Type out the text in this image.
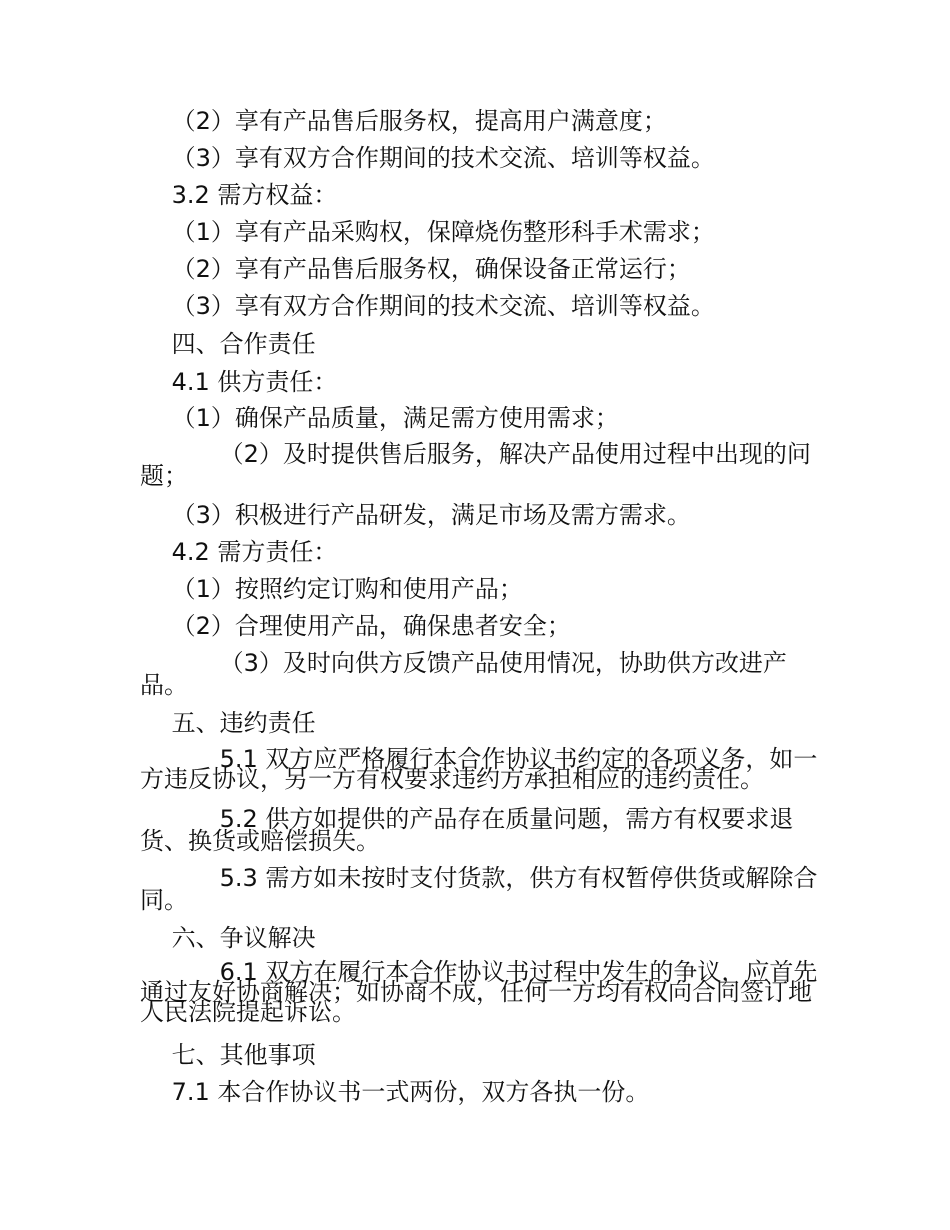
　 （2）享有产品售后服务权，提高用户满意度；
　 （3）享有双方合作期间的技术交流、培训等权益。
　 3.2 需方权益：
　 （1）享有产品采购权，保障烧伤整形科手术需求；
　 （2）享有产品售后服务权，确保设备正常运行；
　 （3）享有双方合作期间的技术交流、培训等权益。
　 四、合作责任
　 4.1 供方责任：
　 （1）确保产品质量，满足需方使用需求；
　 （2）及时提供售后服务，解决产品使用过程中出现的问题；
　 （3）积极进行产品研发，满足市场及需方需求。
　 4.2 需方责任：
　 （1）按照约定订购和使用产品；
　 （2）合理使用产品，确保患者安全；
　 （3）及时向供方反馈产品使用情况，协助供方改进产品。
　 五、违约责任
　 5.1 双方应严格履行本合作协议书约定的各项义务，如一方违反协议，另一方有权要求违约方承担相应的违约责任。
　 5.2 供方如提供的产品存在质量问题，需方有权要求退货、换货或赔偿损失。
　 5.3 需方如未按时支付货款，供方有权暂停供货或解除合同。
　 六、争议解决
　 6.1 双方在履行本合作协议书过程中发生的争议，应首先通过友好协商解决；如协商不成，任何一方均有权向合同签订地人民法院提起诉讼。
　 七、其他事项
　 7.1 本合作协议书一式两份，双方各执一份。
